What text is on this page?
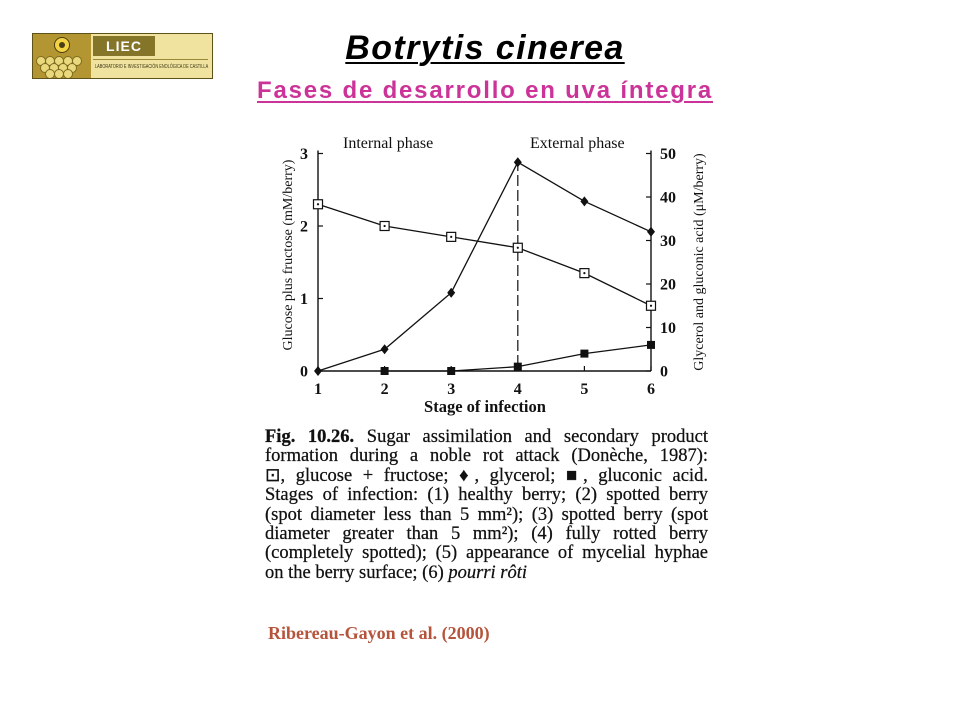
LIEC
LABORATORIO E INVESTIGACIÓN ENOLÓGICA DE CASTILLA	Botrytis cinerea
Fases de desarrollo en uva íntegra
Internal phase	External phase
Glucose plus fructose (mM/berry)	Glycerol and gluconic acid (μM/berry)
Stage of infection
1	2	3	4	5	6
0
1
2
3
0
10
20
30
40
50
Fig. 10.26. Sugar assimilation and secondary product
formation during a noble rot attack (Donèche, 1987):
⊡, glucose + fructose; ♦, glycerol; ■, gluconic acid.
Stages of infection: (1) healthy berry; (2) spotted berry
(spot diameter less than 5 mm²); (3) spotted berry (spot
diameter greater than 5 mm²); (4) fully rotted berry
(completely spotted); (5) appearance of mycelial hyphae
on the berry surface; (6) pourri rôti
Ribereau-Gayon et al. (2000)
